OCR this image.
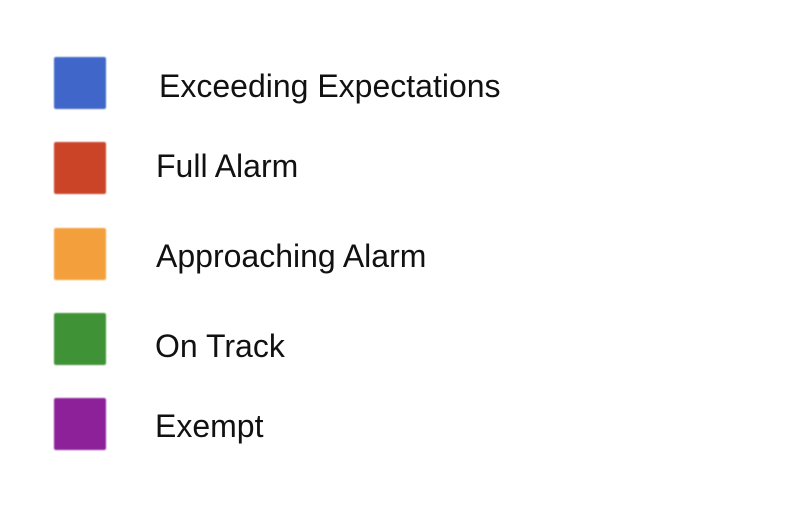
Exceeding Expectations
Full Alarm
Approaching Alarm
On Track
Exempt
